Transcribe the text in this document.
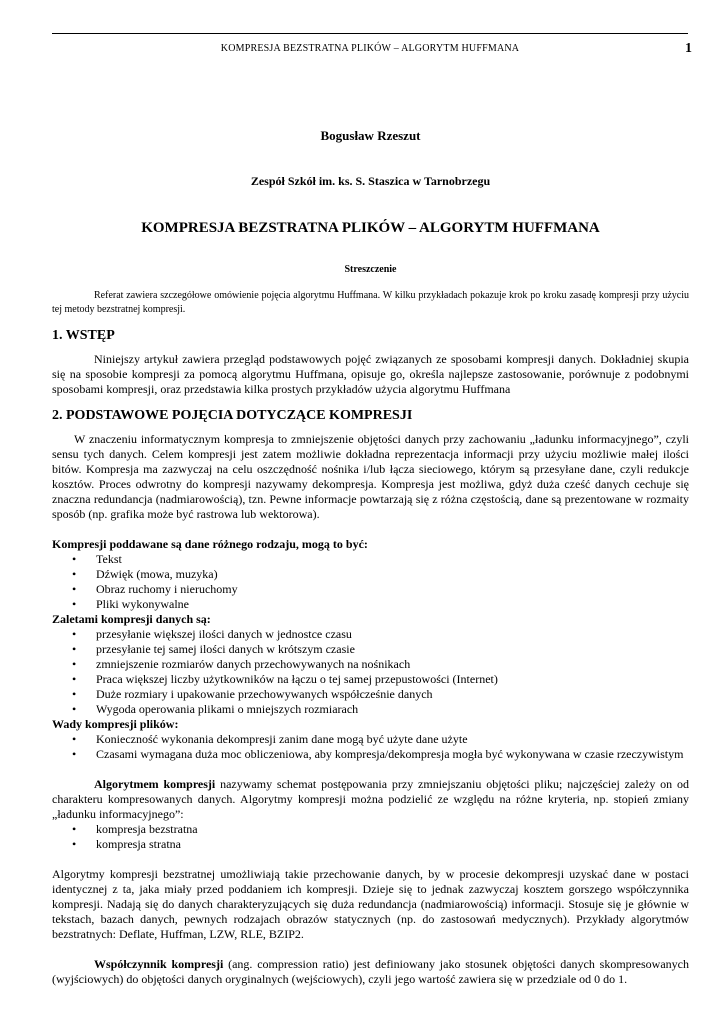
KOMPRESJA BEZSTRATNA PLIKÓW – ALGORYTM HUFFMANA	1

Bogusław Rzeszut

Zespół Szkół im. ks. S. Staszica w Tarnobrzegu

KOMPRESJA BEZSTRATNA PLIKÓW – ALGORYTM HUFFMANA

Streszczenie

Referat zawiera szczegółowe omówienie pojęcia algorytmu Huffmana. W kilku przykładach pokazuje krok po kroku zasadę kompresji przy użyciu tej metody bezstratnej kompresji.

1. WSTĘP

Niniejszy artykuł zawiera przegląd podstawowych pojęć związanych ze sposobami kompresji danych. Dokładniej skupia się na sposobie kompresji za pomocą algorytmu Huffmana, opisuje go, określa najlepsze zastosowanie, porównuje z podobnymi sposobami kompresji, oraz przedstawia kilka prostych przykładów użycia algorytmu Huffmana

2. PODSTAWOWE POJĘCIA DOTYCZĄCE KOMPRESJI

W znaczeniu informatycznym kompresja to zmniejszenie objętości danych przy zachowaniu „ładunku informacyjnego”, czyli sensu tych danych. Celem kompresji jest zatem możliwie dokładna reprezentacja informacji przy użyciu możliwie małej ilości bitów. Kompresja ma zazwyczaj na celu oszczędność nośnika i/lub łącza sieciowego, którym są przesyłane dane, czyli redukcje kosztów. Proces odwrotny do kompresji nazywamy dekompresja. Kompresja jest możliwa, gdyż duża cześć danych cechuje się znaczna redundancja (nadmiarowością), tzn. Pewne informacje powtarzają się z różna częstością, dane są prezentowane w rozmaity sposób (np. grafika może być rastrowa lub wektorowa).

Kompresji poddawane są dane różnego rodzaju, mogą to być:

• Tekst
• Dźwięk (mowa, muzyka)
• Obraz ruchomy i nieruchomy
• Pliki wykonywalne

Zaletami kompresji danych są:

• przesyłanie większej ilości danych w jednostce czasu
• przesyłanie tej samej ilości danych w krótszym czasie
• zmniejszenie rozmiarów danych przechowywanych na nośnikach
• Praca większej liczby użytkowników na łączu o tej samej przepustowości (Internet)
• Duże rozmiary i upakowanie przechowywanych współcześnie danych
• Wygoda operowania plikami o mniejszych rozmiarach

Wady kompresji plików:

• Konieczność wykonania dekompresji zanim dane mogą być użyte dane użyte
• Czasami wymagana duża moc obliczeniowa, aby kompresja/dekompresja mogła być wykonywana w czasie rzeczywistym

Algorytmem kompresji nazywamy schemat postępowania przy zmniejszaniu objętości pliku; najczęściej zależy on od charakteru kompresowanych danych. Algorytmy kompresji można podzielić ze względu na różne kryteria, np. stopień zmiany „ładunku informacyjnego”:

• kompresja bezstratna
• kompresja stratna

Algorytmy kompresji bezstratnej umożliwiają takie przechowanie danych, by w procesie dekompresji uzyskać dane w postaci identycznej z ta, jaka miały przed poddaniem ich kompresji. Dzieje się to jednak zazwyczaj kosztem gorszego współczynnika kompresji. Nadają się do danych charakteryzujących się duża redundancja (nadmiarowością) informacji. Stosuje się je głównie w tekstach, bazach danych, pewnych rodzajach obrazów statycznych (np. do zastosowań medycznych). Przykłady algorytmów bezstratnych: Deflate, Huffman, LZW, RLE, BZIP2.

Współczynnik kompresji (ang. compression ratio) jest definiowany jako stosunek objętości danych skompresowanych (wyjściowych) do objętości danych oryginalnych (wejściowych), czyli jego wartość zawiera się w przedziale od 0 do 1.
